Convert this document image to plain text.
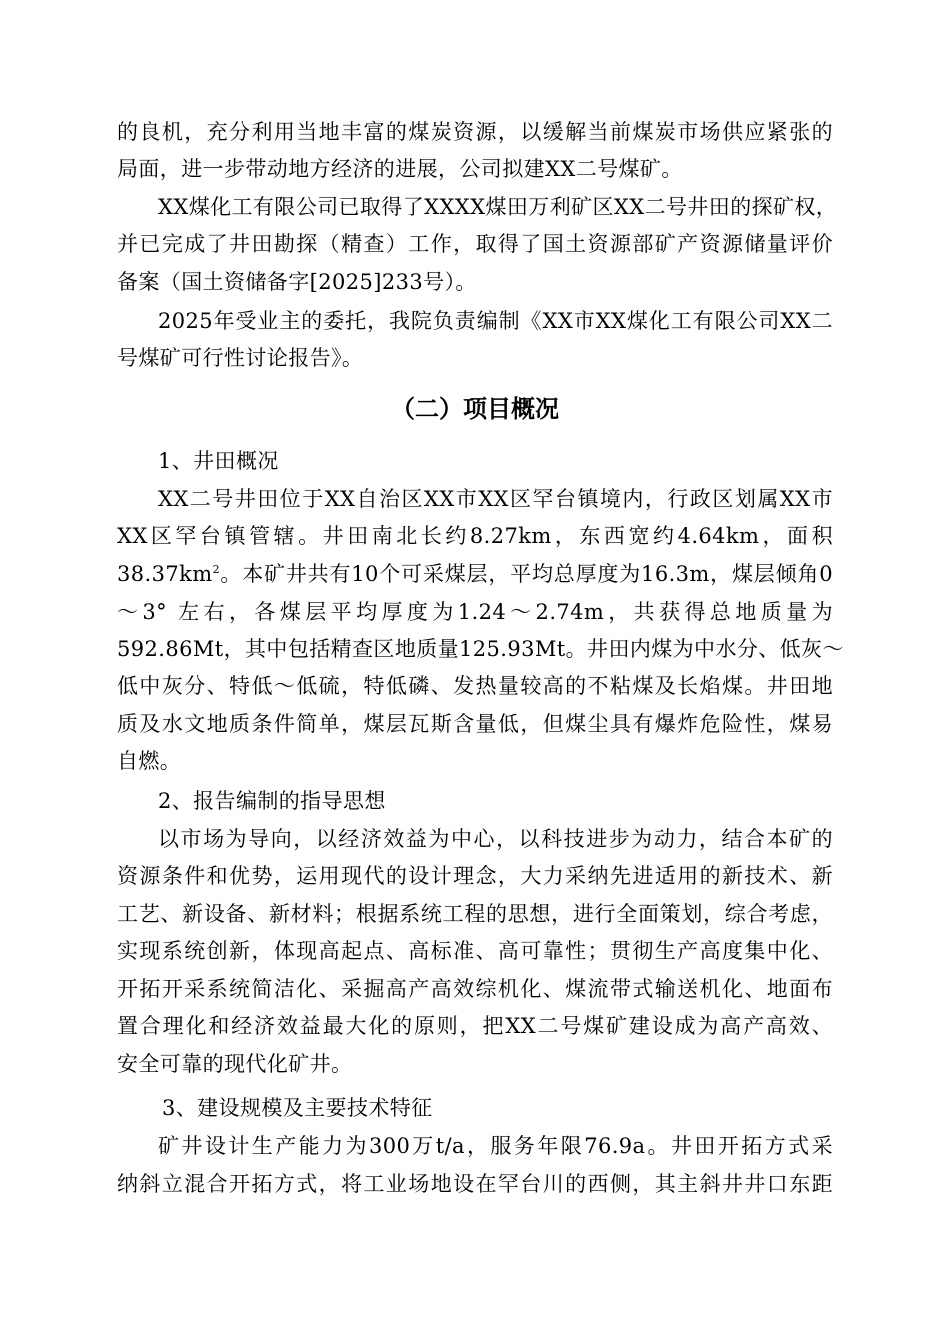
的良机，充分利用当地丰富的煤炭资源，以缓解当前煤炭市场供应紧张的
局面，进一步带动地方经济的进展，公司拟建XX二号煤矿。
XX煤化工有限公司已取得了XXXX煤田万利矿区XX二号井田的探矿权，
并已完成了井田勘探（精查）工作，取得了国土资源部矿产资源储量评价
备案（国土资储备字[2025]233号）。
2025年受业主的委托，我院负责编制《XX市XX煤化工有限公司XX二
号煤矿可行性讨论报告》。
（二）项目概况
1、井田概况
XX二号井田位于XX自治区XX市XX区罕台镇境内，行政区划属XX市
XX区罕台镇管辖。井田南北长约8.27km，东西宽约4.64km，面积
$38.37km^2$。本矿井共有10个可采煤层，平均总厚度为16.3m，煤层倾角0
～3° 左右，各煤层平均厚度为1.24～2.74m，共获得总地质量为
592.86Mt，其中包括精查区地质量125.93Mt。井田内煤为中水分、低灰～
低中灰分、特低～低硫，特低磷、发热量较高的不粘煤及长焰煤。井田地
质及水文地质条件简单，煤层瓦斯含量低，但煤尘具有爆炸危险性，煤易
自燃。
2、报告编制的指导思想
以市场为导向，以经济效益为中心，以科技进步为动力，结合本矿的
资源条件和优势，运用现代的设计理念，大力采纳先进适用的新技术、新
工艺、新设备、新材料；根据系统工程的思想，进行全面策划，综合考虑，
实现系统创新，体现高起点、高标准、高可靠性；贯彻生产高度集中化、
开拓开采系统简洁化、采掘高产高效综机化、煤流带式输送机化、地面布
置合理化和经济效益最大化的原则，把XX二号煤矿建设成为高产高效、
安全可靠的现代化矿井。
3、建设规模及主要技术特征
矿井设计生产能力为300万t/a，服务年限76.9a。井田开拓方式采
纳斜立混合开拓方式，将工业场地设在罕台川的西侧，其主斜井井口东距
